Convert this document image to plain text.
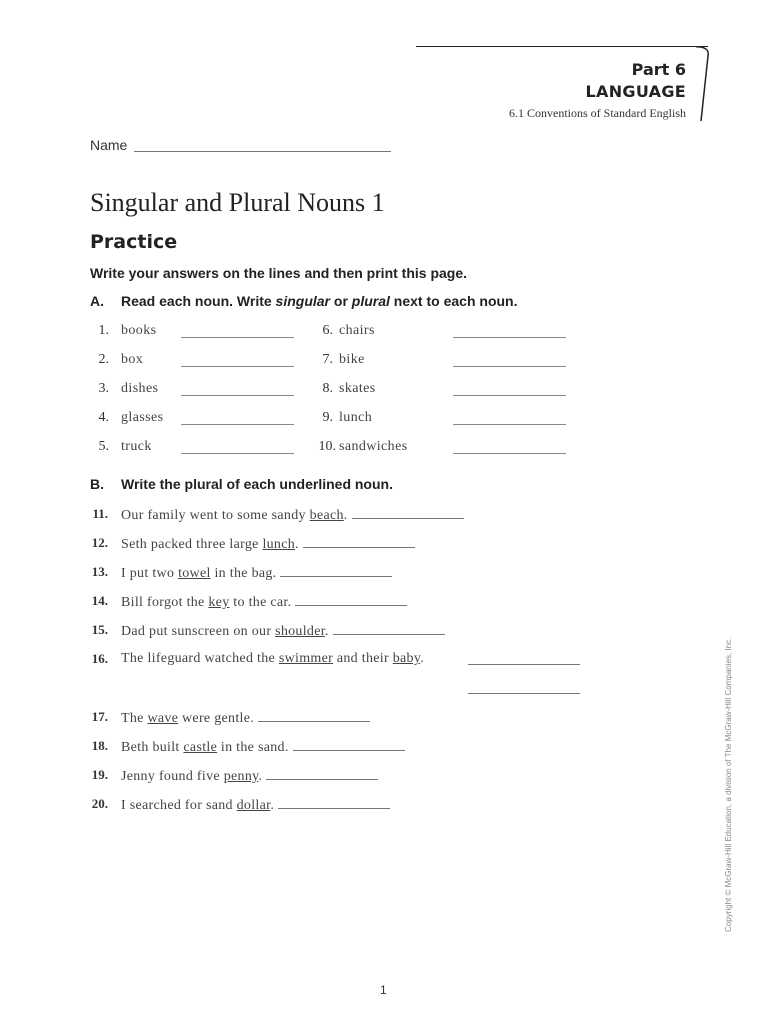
Part 6
LANGUAGE
6.1 Conventions of Standard English
Name
Singular and Plural Nouns 1
Practice
Write your answers on the lines and then print this page.
A. Read each noun. Write singular or plural next to each noun.
1. books
2. box
3. dishes
4. glasses
5. truck
6. chairs
7. bike
8. skates
9. lunch
10. sandwiches
B. Write the plural of each underlined noun.
11. Our family went to some sandy beach.
12. Seth packed three large lunch.
13. I put two towel in the bag.
14. Bill forgot the key to the car.
15. Dad put sunscreen on our shoulder.
16. The lifeguard watched the swimmer and their baby.
17. The wave were gentle.
18. Beth built castle in the sand.
19. Jenny found five penny.
20. I searched for sand dollar.	Copyright © McGraw-Hill Education, a division of The McGraw-Hill Companies, Inc.
1
